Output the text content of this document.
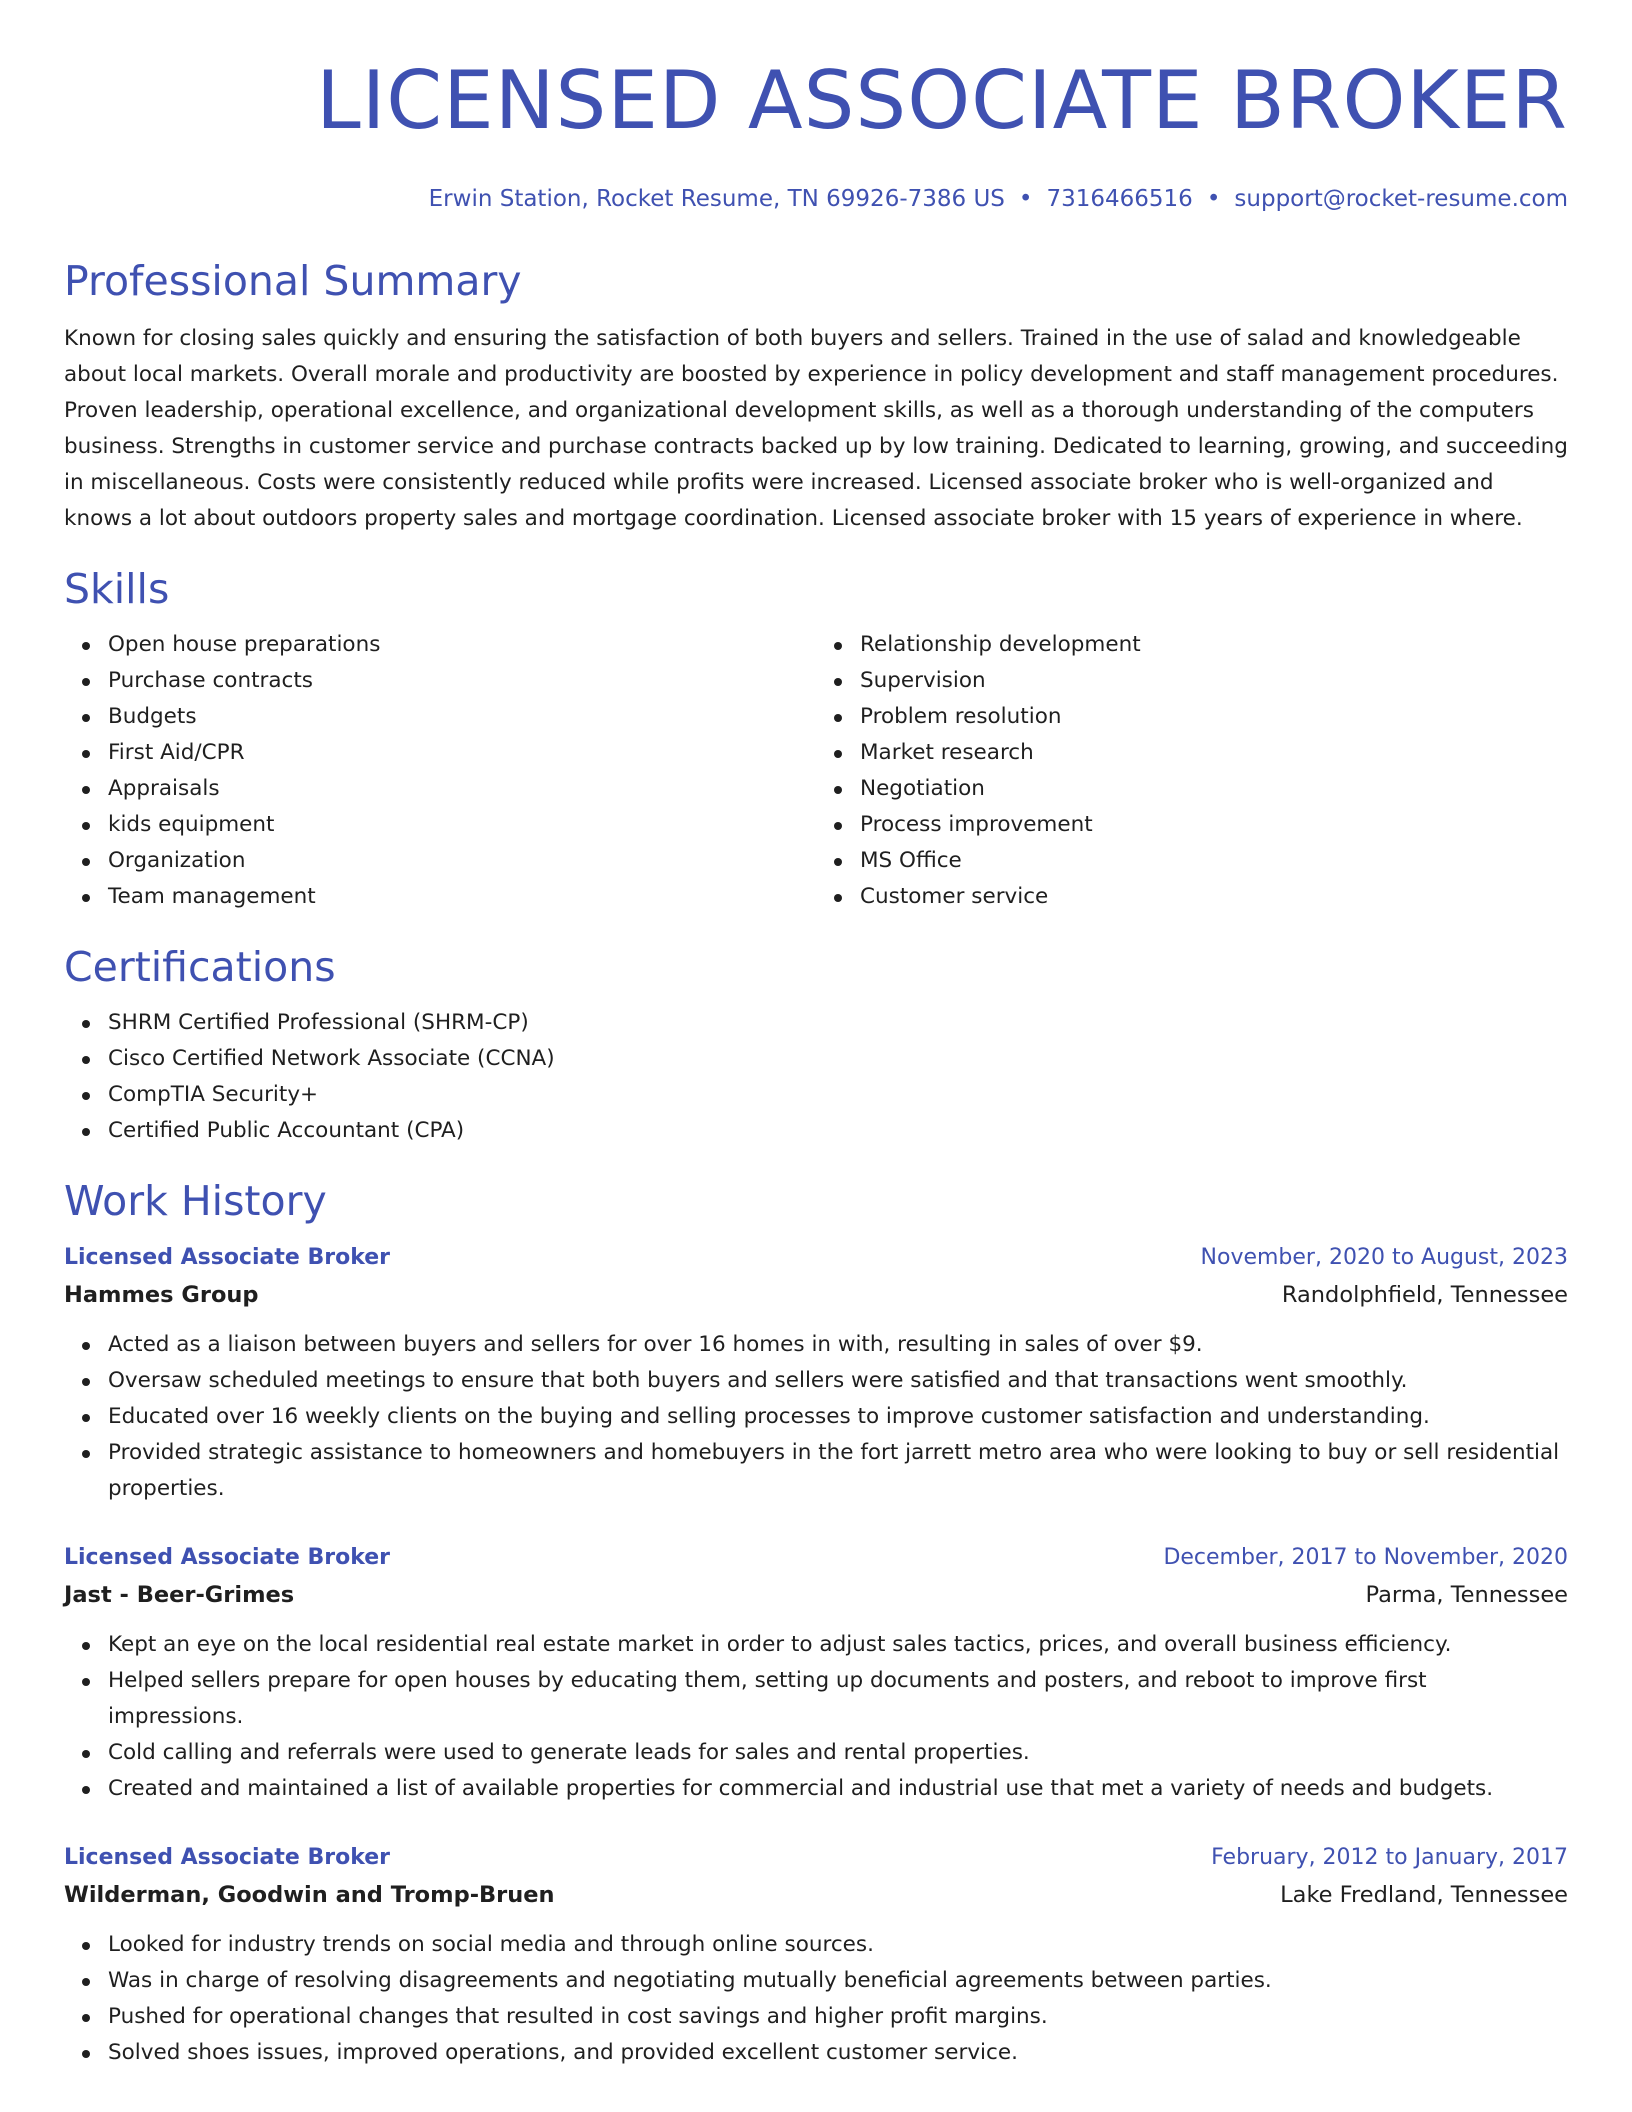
LICENSED ASSOCIATE BROKER
Erwin Station, Rocket Resume, TN 69926-7386 US • 7316466516 • support@rocket-resume.com
Professional Summary
Known for closing sales quickly and ensuring the satisfaction of both buyers and sellers. Trained in the use of salad and knowledgeable about local markets. Overall morale and productivity are boosted by experience in policy development and staff management procedures. Proven leadership, operational excellence, and organizational development skills, as well as a thorough understanding of the computers business. Strengths in customer service and purchase contracts backed up by low training. Dedicated to learning, growing, and succeeding in miscellaneous. Costs were consistently reduced while profits were increased. Licensed associate broker who is well-organized and knows a lot about outdoors property sales and mortgage coordination. Licensed associate broker with 15 years of experience in where.
Skills
Open house preparations
Purchase contracts
Budgets
First Aid/CPR
Appraisals
kids equipment
Organization
Team management
Relationship development
Supervision
Problem resolution
Market research
Negotiation
Process improvement
MS Office
Customer service
Certifications
SHRM Certified Professional (SHRM-CP)
Cisco Certified Network Associate (CCNA)
CompTIA Security+
Certified Public Accountant (CPA)
Work History
Licensed Associate Broker	November, 2020 to August, 2023
Hammes Group	Randolphfield, Tennessee
Acted as a liaison between buyers and sellers for over 16 homes in with, resulting in sales of over $9.
Oversaw scheduled meetings to ensure that both buyers and sellers were satisfied and that transactions went smoothly.
Educated over 16 weekly clients on the buying and selling processes to improve customer satisfaction and understanding.
Provided strategic assistance to homeowners and homebuyers in the fort jarrett metro area who were looking to buy or sell residential properties.
Licensed Associate Broker	December, 2017 to November, 2020
Jast - Beer-Grimes	Parma, Tennessee
Kept an eye on the local residential real estate market in order to adjust sales tactics, prices, and overall business efficiency.
Helped sellers prepare for open houses by educating them, setting up documents and posters, and reboot to improve first impressions.
Cold calling and referrals were used to generate leads for sales and rental properties.
Created and maintained a list of available properties for commercial and industrial use that met a variety of needs and budgets.
Licensed Associate Broker	February, 2012 to January, 2017
Wilderman, Goodwin and Tromp-Bruen	Lake Fredland, Tennessee
Looked for industry trends on social media and through online sources.
Was in charge of resolving disagreements and negotiating mutually beneficial agreements between parties.
Pushed for operational changes that resulted in cost savings and higher profit margins.
Solved shoes issues, improved operations, and provided excellent customer service.
